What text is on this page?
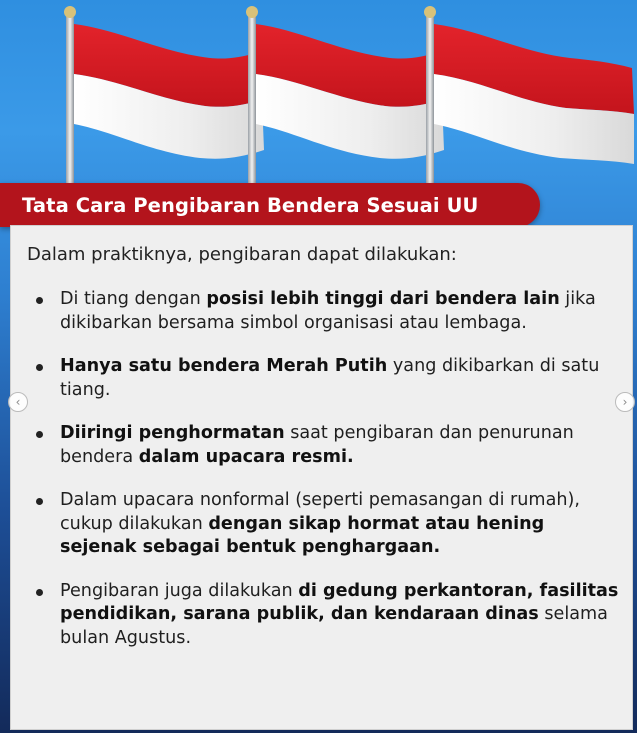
Tata Cara Pengibaran Bendera Sesuai UU
Dalam praktiknya, pengibaran dapat dilakukan:
Di tiang dengan posisi lebih tinggi dari bendera lain jika dikibarkan bersama simbol organisasi atau lembaga.
Hanya satu bendera Merah Putih yang dikibarkan di satu tiang.
Diiringi penghormatan saat pengibaran dan penurunan bendera dalam upacara resmi.
Dalam upacara nonformal (seperti pemasangan di rumah), cukup dilakukan dengan sikap hormat atau hening sejenak sebagai bentuk penghargaan.
Pengibaran juga dilakukan di gedung perkantoran, fasilitas pendidikan, sarana publik, dan kendaraan dinas selama bulan Agustus.
‹	›
